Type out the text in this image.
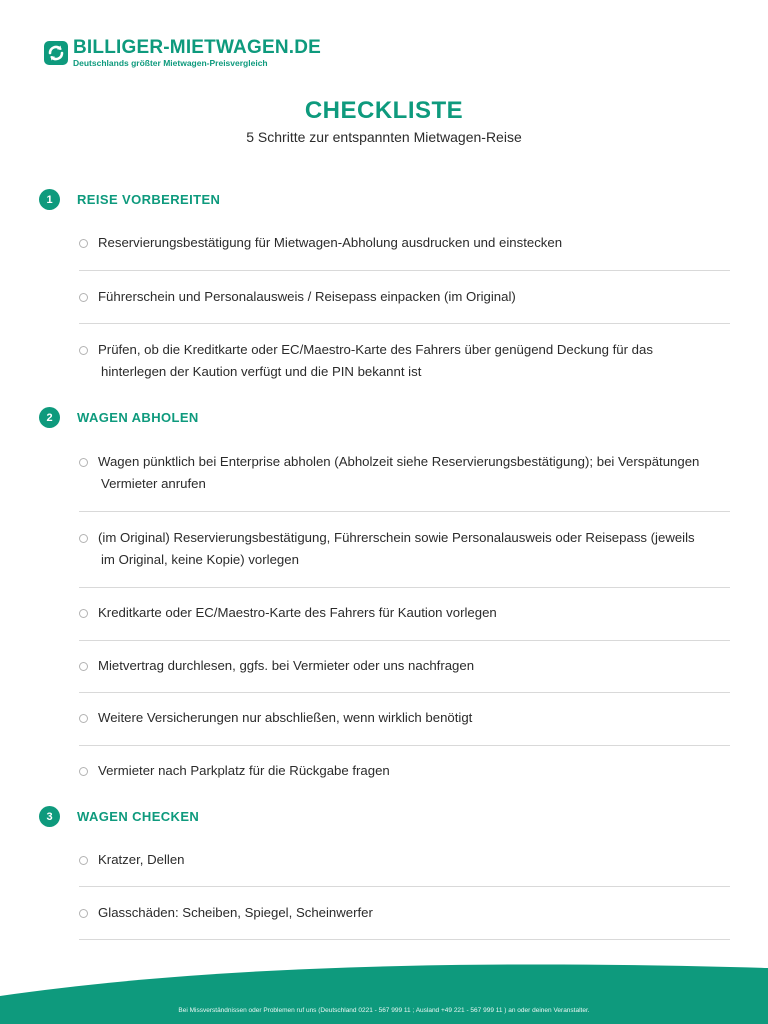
BILLIGER-MIETWAGEN.DE
Deutschlands größter Mietwagen-Preisvergleich
CHECKLISTE
5 Schritte zur entspannten Mietwagen-Reise
1	REISE VORBEREITEN
Reservierungsbestätigung für Mietwagen-Abholung ausdrucken und einstecken
Führerschein und Personalausweis / Reisepass einpacken (im Original)
Prüfen, ob die Kreditkarte oder EC/Maestro-Karte des Fahrers über genügend Deckung für das
hinterlegen der Kaution verfügt und die PIN bekannt ist
2	WAGEN ABHOLEN
Wagen pünktlich bei Enterprise abholen (Abholzeit siehe Reservierungsbestätigung); bei Verspätungen
Vermieter anrufen
(im Original) Reservierungsbestätigung, Führerschein sowie Personalausweis oder Reisepass (jeweils
im Original, keine Kopie) vorlegen
Kreditkarte oder EC/Maestro-Karte des Fahrers für Kaution vorlegen
Mietvertrag durchlesen, ggfs. bei Vermieter oder uns nachfragen
Weitere Versicherungen nur abschließen, wenn wirklich benötigt
Vermieter nach Parkplatz für die Rückgabe fragen
3	WAGEN CHECKEN
Kratzer, Dellen
Glasschäden: Scheiben, Spiegel, Scheinwerfer
Bei Missverständnissen oder Problemen ruf uns (Deutschland 0221 - 567 999 11 ; Ausland +49 221 - 567 999 11 ) an oder deinen Veranstalter.
